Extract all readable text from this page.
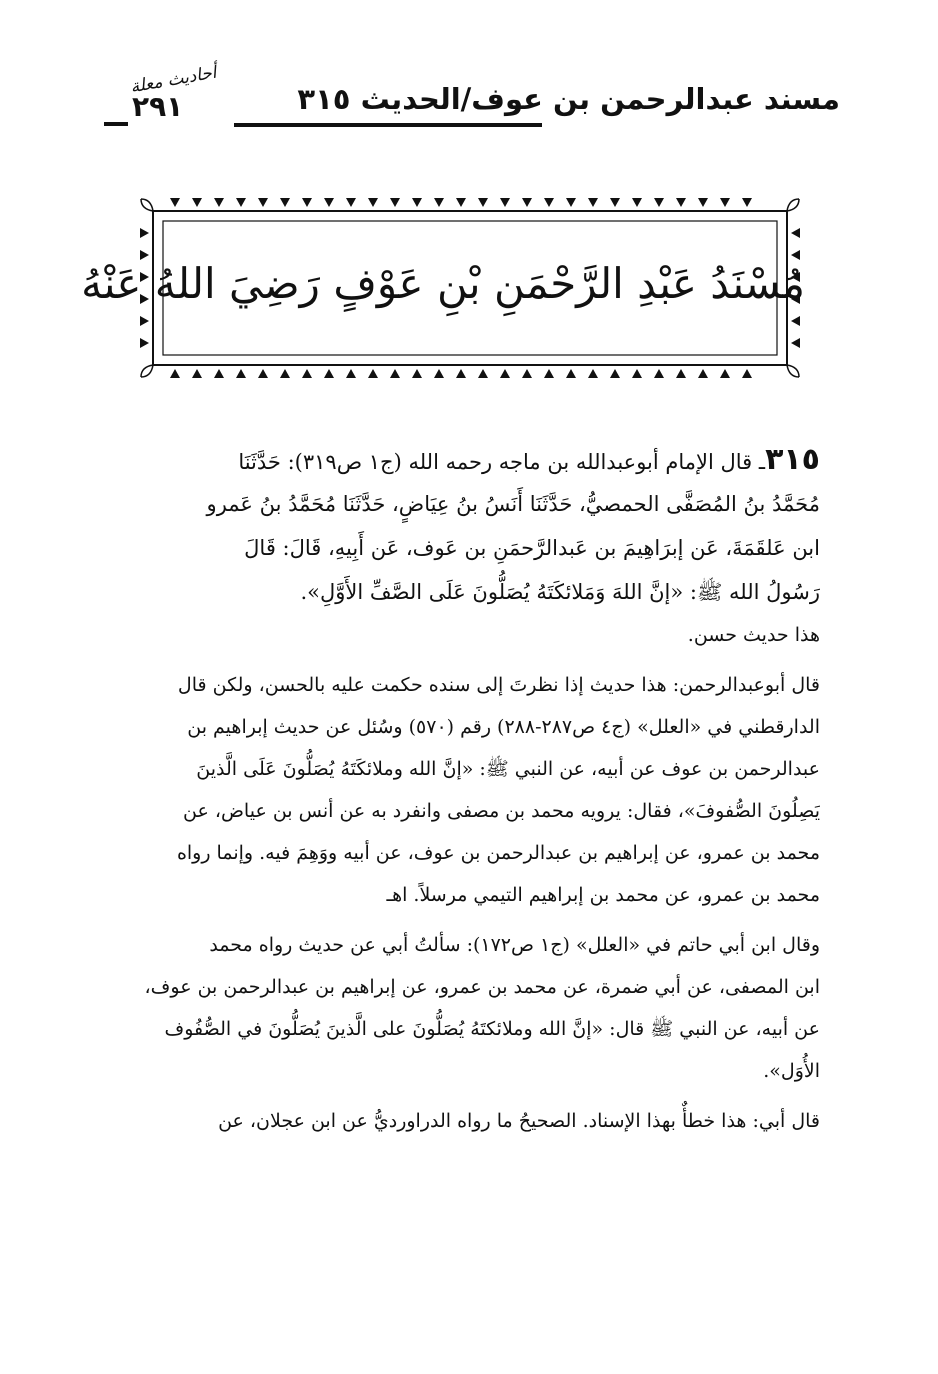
مسند عبدالرحمن بن عوف/الحديث ٣١٥
أحاديث معلة
٢٩١
مُسْنَدُ عَبْدِ الرَّحْمَنِ بْنِ عَوْفٍ رَضِيَ اللهُ عَنْهُ
٣١٥ـ قال الإمام أبوعبدالله بن ماجه رحمه الله (ج١ ص٣١٩): حَدَّثَنَا
مُحَمَّدُ بنُ المُصَفَّى الحمصيُّ، حَدَّثَنَا أَنَسُ بنُ عِيَاضٍ، حَدَّثَنَا مُحَمَّدُ بنُ عَمرو
ابن عَلقَمَةَ، عَن إبرَاهِيمَ بن عَبدالرَّحمَنِ بن عَوف، عَن أَبِيهِ، قَالَ: قَالَ
رَسُولُ الله ﷺ: «إنَّ اللهَ وَمَلائكَتَهُ يُصَلُّونَ عَلَى الصَّفِّ الأَوَّلِ».
هذا حديث حسن.
قال أبوعبدالرحمن: هذا حديث إذا نظرتَ إلى سنده حكمت عليه بالحسن، ولكن قال
الدارقطني في «العلل» (ج٤ ص٢٨٧-٢٨٨) رقم (٥٧٠) وسُئل عن حديث إبراهيم بن
عبدالرحمن بن عوف عن أبيه، عن النبي ﷺ: «إنَّ الله وملائكَتَهُ يُصَلُّونَ عَلَى الَّذينَ
يَصِلُونَ الصُّفوفَ»، فقال: يرويه محمد بن مصفى وانفرد به عن أنس بن عياض، عن
محمد بن عمرو، عن إبراهيم بن عبدالرحمن بن عوف، عن أبيه ووَهِمَ فيه. وإنما رواه
محمد بن عمرو، عن محمد بن إبراهيم التيمي مرسلاً. اهـ
وقال ابن أبي حاتم في «العلل» (ج١ ص١٧٢): سألتُ أبي عن حديث رواه محمد
ابن المصفى، عن أبي ضمرة، عن محمد بن عمرو، عن إبراهيم بن عبدالرحمن بن عوف،
عن أبيه، عن النبي ﷺ قال: «إنَّ الله وملائكتَهُ يُصَلُّونَ على الَّذينَ يُصَلُّونَ في الصُّفُوف
الأُوَل».
قال أبي: هذا خطأٌ بهذا الإسناد. الصحيحُ ما رواه الدراورديُّ عن ابن عجلان، عن
